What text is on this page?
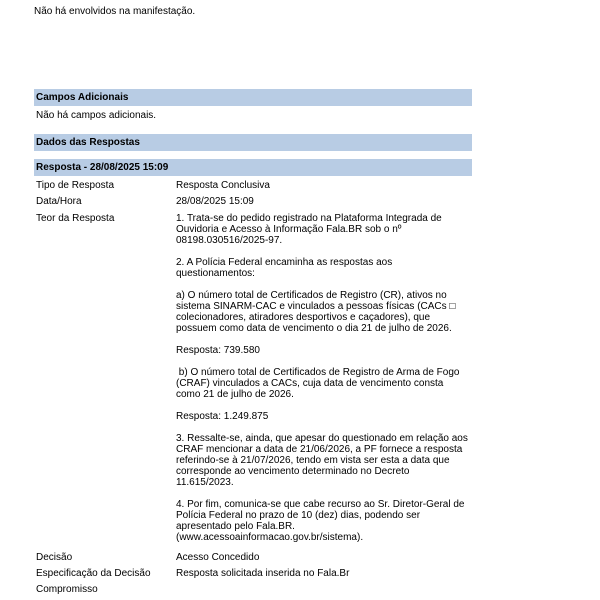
Não há envolvidos na manifestação.

Campos Adicionais

Não há campos adicionais.

Dados das Respostas
Resposta - 28/08/2025 15:09
Tipo de Resposta	Resposta Conclusiva
Data/Hora	28/08/2025 15:09
Teor da Resposta	1. Trata-se do pedido registrado na Plataforma Integrada de
Ouvidoria e Acesso à Informação Fala.BR sob o nº
08198.030516/2025-97.
2. A Polícia Federal encaminha as respostas aos
questionamentos:
a) O número total de Certificados de Registro (CR), ativos no
sistema SINARM-CAC e vinculados a pessoas físicas (CACs □
colecionadores, atiradores desportivos e caçadores), que
possuem como data de vencimento o dia 21 de julho de 2026.
Resposta: 739.580
b) O número total de Certificados de Registro de Arma de Fogo
(CRAF) vinculados a CACs, cuja data de vencimento consta
como 21 de julho de 2026.
Resposta: 1.249.875
3. Ressalte-se, ainda, que apesar do questionado em relação aos
CRAF mencionar a data de 21/06/2026, a PF fornece a resposta
referindo-se à 21/07/2026, tendo em vista ser esta a data que
corresponde ao vencimento determinado no Decreto
11.615/2023.
4. Por fim, comunica-se que cabe recurso ao Sr. Diretor-Geral de
Polícia Federal no prazo de 10 (dez) dias, podendo ser
apresentado pelo Fala.BR.
(www.acessoainformacao.gov.br/sistema).
Decisão	Acesso Concedido
Especificação da Decisão	Resposta solicitada inserida no Fala.Br
Compromisso
